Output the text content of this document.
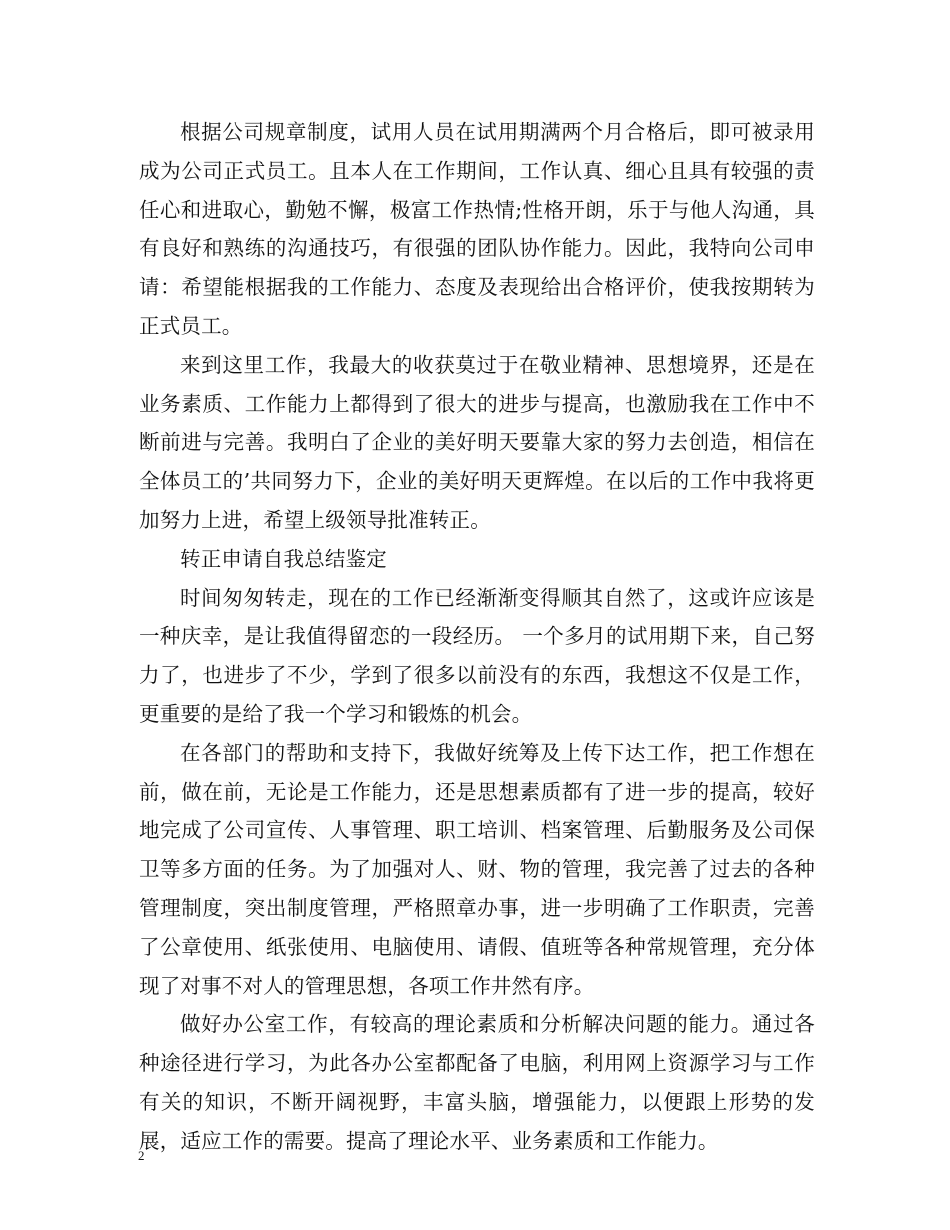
根据公司规章制度，试用人员在试用期满两个月合格后，即可被录用成为公司正式员工。且本人在工作期间，工作认真、细心且具有较强的责任心和进取心，勤勉不懈，极富工作热情;性格开朗，乐于与他人沟通，具有良好和熟练的沟通技巧，有很强的团队协作能力。因此，我特向公司申请：希望能根据我的工作能力、态度及表现给出合格评价，使我按期转为正式员工。

来到这里工作，我最大的收获莫过于在敬业精神、思想境界，还是在业务素质、工作能力上都得到了很大的进步与提高，也激励我在工作中不断前进与完善。我明白了企业的美好明天要靠大家的努力去创造，相信在全体员工的’共同努力下，企业的美好明天更辉煌。在以后的工作中我将更加努力上进，希望上级领导批准转正。

转正申请自我总结鉴定

时间匆匆转走，现在的工作已经渐渐变得顺其自然了，这或许应该是一种庆幸，是让我值得留恋的一段经历。 一个多月的试用期下来，自己努力了，也进步了不少，学到了很多以前没有的东西，我想这不仅是工作，更重要的是给了我一个学习和锻炼的机会。

在各部门的帮助和支持下，我做好统筹及上传下达工作，把工作想在前，做在前，无论是工作能力，还是思想素质都有了进一步的提高，较好地完成了公司宣传、人事管理、职工培训、档案管理、后勤服务及公司保卫等多方面的任务。为了加强对人、财、物的管理，我完善了过去的各种管理制度，突出制度管理，严格照章办事，进一步明确了工作职责，完善了公章使用、纸张使用、电脑使用、请假、值班等各种常规管理，充分体现了对事不对人的管理思想，各项工作井然有序。

做好办公室工作，有较高的理论素质和分析解决问题的能力。通过各种途径进行学习，为此各办公室都配备了电脑，利用网上资源学习与工作有关的知识，不断开阔视野，丰富头脑，增强能力，以便跟上形势的发展，适应工作的需要。提高了理论水平、业务素质和工作能力。

2
